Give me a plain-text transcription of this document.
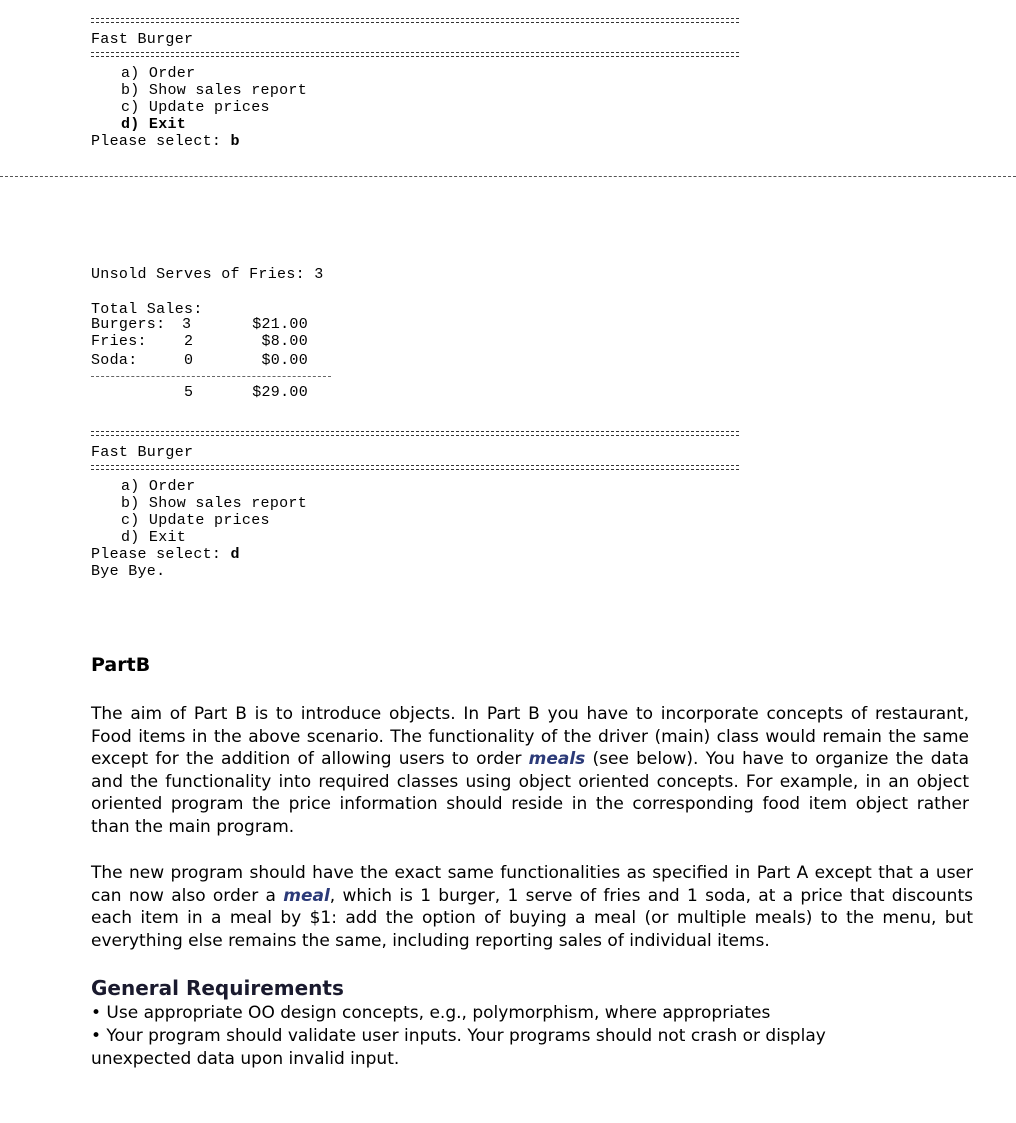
Fast Burger
a) Order
b) Show sales report
c) Update prices
d) Exit
Please select: b
Unsold Serves of Fries: 3
Total Sales:
Burgers: 3	$21.00
Fries: 2	$8.00
Soda:	0	$0.00
5	$29.00
Fast Burger
a) Order
b) Show sales report
c) Update prices
d) Exit
Please select: d
Bye Bye.
PartB

The aim of Part B is to introduce objects. In Part B you have to incorporate concepts of restaurant, Food items in the above scenario. The functionality of the driver (main) class would remain the same except for the addition of allowing users to order meals (see below). You have to organize the data and the functionality into required classes using object oriented concepts. For example, in an object oriented program the price information should reside in the corresponding food item object rather than the main program.

The new program should have the exact same functionalities as specified in Part A except that a user can now also order a meal, which is 1 burger, 1 serve of fries and 1 soda, at a price that discounts each item in a meal by $1: add the option of buying a meal (or multiple meals) to the menu, but everything else remains the same, including reporting sales of individual items.

General Requirements
• Use appropriate OO design concepts, e.g., polymorphism, where appropriates
• Your program should validate user inputs. Your programs should not crash or display
unexpected data upon invalid input.
